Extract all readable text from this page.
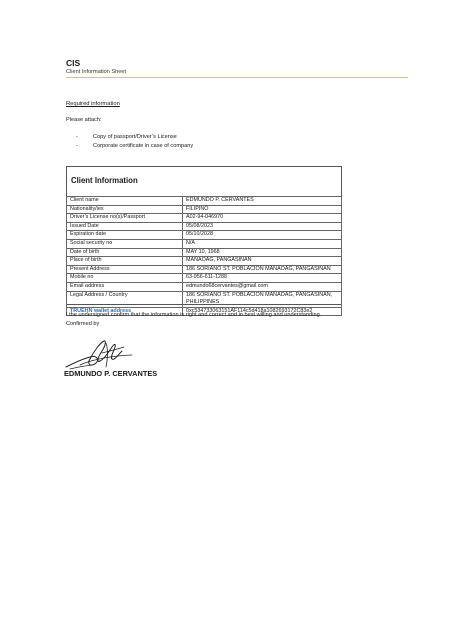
CIS
Client Information Sheet
Required information
Please attach:
-	Copy of passport/Driver’s License
-	Corporate certificate in case of company
Client Information
Client name	EDMUNDO P. CERVANTES
Nationality/ies	FILIPINO
Driver’s License no(s)/Passport	A02-94-046970
Issued Date	05/08/2023
Expiration date	05/10/2028
Social security no	N/A
Date of birth	MAY 10, 1968
Place of birth	MANAOAG, PANGASINAN
Present Address	186 SORIANO ST. POBLACION MANAOAG, PANGASINAN
Mobile no	63-956-611-1288
Email address	edmundo68cervantes@gmail.com
Legal Address / Country	186 SORIANO ST. POBLACION MANAOAG, PANGASINAN, PHILIPPINES
TRUEHN wallet address	0xc534733063151AF114c5d418a1082693172C83e2
I the undersigned confirm that the information is right and correct and in best willing and understanding.
Confirmed by
EDMUNDO P. CERVANTES
